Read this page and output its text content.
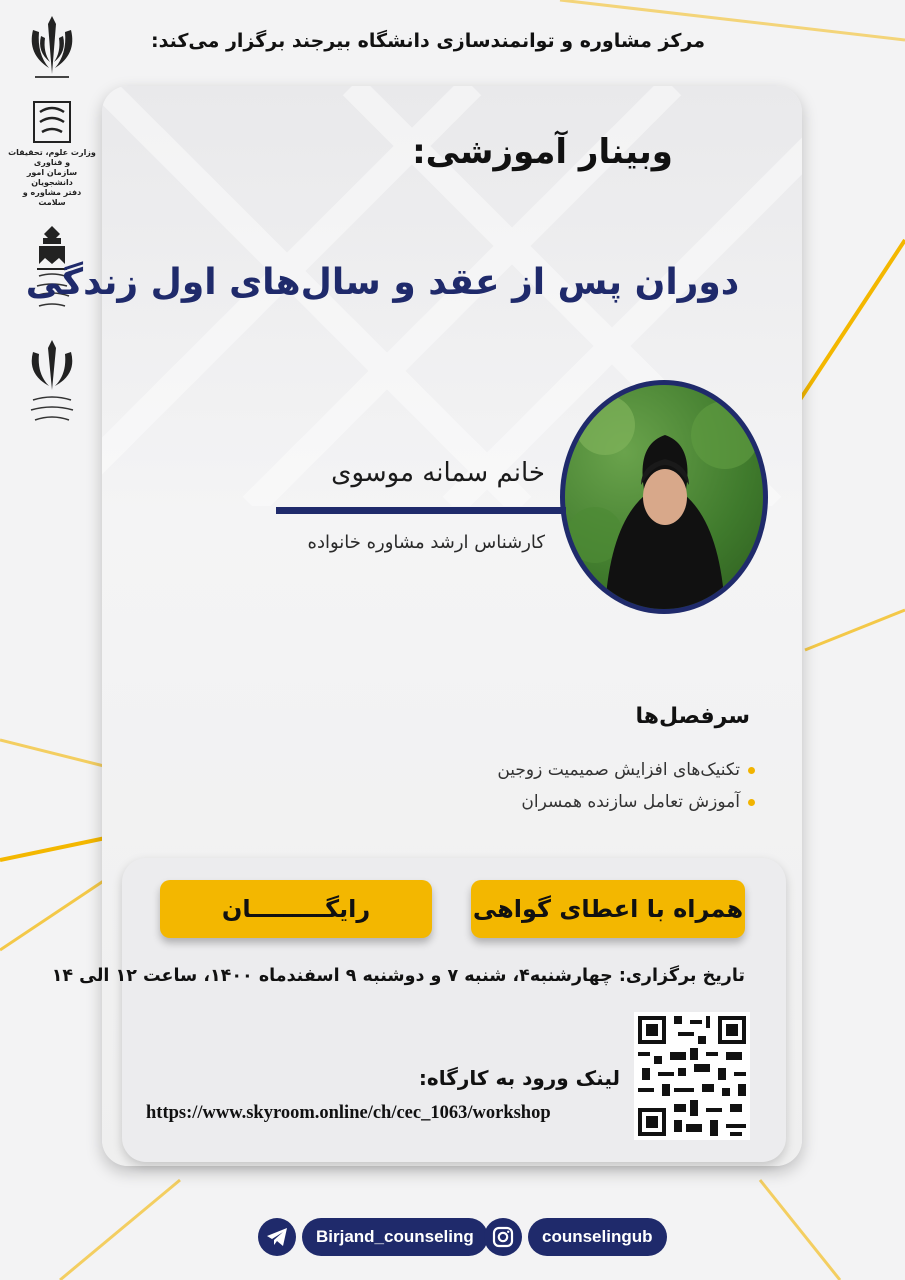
مرکز مشاوره و توانمندسازی دانشگاه بیرجند برگزار می‌کند:
وزارت علوم، تحقیقات و فناوری
سازمان امور دانشجویان
دفتر مشاوره و سلامت
وبینار آموزشی:
دوران پس از عقد و سال‌های اول زندگی
خانم سمانه موسوی
کارشناس ارشد مشاوره خانواده
سرفصل‌ها
تکنیک‌های افزایش صمیمیت زوجین
آموزش تعامل سازنده همسران
همراه با اعطای گواهی
رایگـــــــــان
تاریخ برگزاری: چهارشنبه۴، شنبه ۷ و دوشنبه ۹ اسفندماه ۱۴۰۰، ساعت ۱۲ الی ۱۴
لینک ورود به کارگاه:
https://www.skyroom.online/ch/cec_1063/workshop
Birjand_counseling	counselingub
